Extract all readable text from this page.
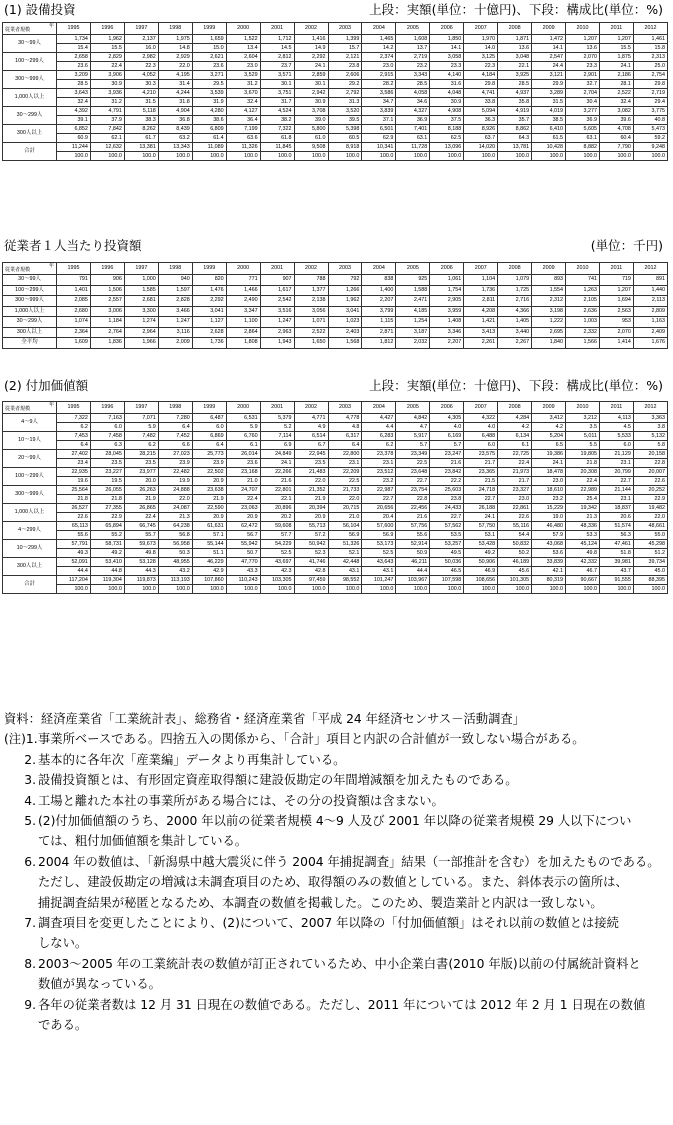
(1) 設備投資	上段：実額(単位：十億円)、下段：構成比(単位：%)
年
従業者規模	1995	1996	1997	1998	1999	2000	2001	2002	2003	2004	2005	2006	2007	2008	2009	2010	2011	2012
30～99人	1,734	1,962	2,137	1,975	1,659	1,522	1,712	1,416	1,399	1,465	1,608	1,850	1,970	1,871	1,472	1,207	1,207	1,461
	15.4	15.5	16.0	14.8	15.0	13.4	14.5	14.9	15.7	14.2	13.7	14.1	14.0	13.6	14.1	13.6	15.5	15.8
100～299人	2,658	2,829	2,982	2,929	2,621	2,604	2,812	2,292	2,121	2,374	2,719	3,058	3,125	3,048	2,547	2,070	1,875	2,313
	23.6	22.4	22.3	22.0	23.6	23.0	23.7	24.1	23.8	23.0	23.2	23.3	22.3	22.1	24.4	23.3	24.1	25.0
300～999人	3,209	3,906	4,052	4,195	3,271	3,529	3,571	2,859	2,606	2,915	3,343	4,140	4,184	3,925	3,121	2,901	2,186	2,754
	28.5	30.9	30.3	31.4	29.5	31.2	30.1	30.1	29.2	28.2	28.5	31.6	29.8	28.5	29.9	32.7	28.1	29.8
1,000人以上	3,643	3,936	4,210	4,244	3,539	3,670	3,751	2,942	2,792	3,586	4,058	4,048	4,741	4,937	3,289	2,704	2,522	2,719
	32.4	31.2	31.5	31.8	31.9	32.4	31.7	30.9	31.3	34.7	34.6	30.9	33.8	35.8	31.5	30.4	32.4	29.4
30～299人	4,392	4,791	5,118	4,904	4,280	4,127	4,524	3,708	3,520	3,839	4,327	4,908	5,094	4,919	4,019	3,277	3,082	3,775
	39.1	37.9	38.3	36.8	38.6	36.4	38.2	39.0	39.5	37.1	36.9	37.5	36.3	35.7	38.5	36.9	39.6	40.8
300人以上	6,852	7,842	8,262	8,439	6,809	7,199	7,322	5,800	5,398	6,501	7,401	8,188	8,926	8,862	6,410	5,605	4,708	5,473
	60.9	62.1	61.7	63.2	61.4	63.6	61.8	61.0	60.5	62.9	63.1	62.5	63.7	64.3	61.5	63.1	60.4	59.2
合計	11,244	12,632	13,381	13,343	11,089	11,326	11,845	9,508	8,918	10,341	11,728	13,096	14,020	13,781	10,428	8,882	7,790	9,248
	100.0	100.0	100.0	100.0	100.0	100.0	100.0	100.0	100.0	100.0	100.0	100.0	100.0	100.0	100.0	100.0	100.0	100.0
従業者１人当たり投資額	(単位：千円)
年
従業者規模	1995	1996	1997	1998	1999	2000	2001	2002	2003	2004	2005	2006	2007	2008	2009	2010	2011	2012
30～99人	791	906	1,000	940	820	771	907	788	792	838	925	1,061	1,104	1,079	893	741	719	891
100～299人	1,401	1,506	1,585	1,597	1,476	1,466	1,617	1,377	1,266	1,400	1,588	1,754	1,736	1,725	1,554	1,263	1,207	1,440
300～999人	2,085	2,557	2,681	2,828	2,292	2,490	2,542	2,138	1,962	2,207	2,471	2,905	2,811	2,716	2,312	2,105	1,694	2,113
1,000人以上	2,680	3,006	3,300	3,466	3,041	3,347	3,516	3,056	3,041	3,799	4,185	3,959	4,208	4,366	3,198	2,636	2,563	2,809
30～299人	1,074	1,184	1,274	1,247	1,127	1,100	1,247	1,071	1,023	1,115	1,254	1,408	1,421	1,405	1,222	1,003	953	1,163
300人以上	2,364	2,764	2,964	3,116	2,628	2,864	2,963	2,522	2,403	2,871	3,187	3,346	3,413	3,440	2,695	2,332	2,070	2,409
全平均	1,609	1,836	1,966	2,009	1,736	1,808	1,943	1,650	1,568	1,812	2,032	2,207	2,261	2,267	1,840	1,566	1,414	1,676
(2) 付加価値額	上段：実額(単位：十億円)、下段：構成比(単位：%)
年
従業者規模	1995	1996	1997	1998	1999	2000	2001	2002	2003	2004	2005	2006	2007	2008	2009	2010	2011	2012
4～9人	7,322	7,163	7,071	7,280	6,487	6,531	5,379	4,771	4,778	4,427	4,842	4,305	4,322	4,284	3,412	3,212	4,113	3,363
	6.2	6.0	5.9	6.4	6.0	5.9	5.2	4.9	4.8	4.4	4.7	4.0	4.0	4.2	4.2	3.5	4.5	3.8
10～19人	7,453	7,458	7,482	7,452	6,869	6,760	7,114	6,514	6,317	6,283	5,917	6,169	6,488	6,134	5,204	5,011	5,533	5,132
	6.4	6.3	6.2	6.6	6.4	6.1	6.9	6.7	6.4	6.2	5.7	5.7	6.0	6.1	6.5	5.5	6.0	5.8
20～99人	27,402	28,045	28,215	27,023	25,773	26,014	24,849	22,945	22,800	23,378	23,349	23,247	23,575	22,725	19,386	19,805	21,129	20,158
	23.4	23.5	23.5	23.9	23.9	23.6	24.1	23.5	23.1	23.1	22.5	21.6	21.7	22.4	24.1	21.8	23.1	22.8
100～299人	22,935	23,227	23,977	22,482	22,502	23,168	22,266	21,483	22,209	23,512	23,648	23,842	23,365	21,973	18,478	20,308	20,799	20,007
	19.6	19.5	20.0	19.9	20.9	21.0	21.6	22.0	22.5	23.2	22.7	22.2	21.5	21.7	23.0	22.4	22.7	22.6
300～999人	25,564	26,055	26,263	24,888	23,638	24,707	22,801	21,352	21,733	22,987	23,754	25,603	24,718	23,327	18,610	22,989	21,144	20,252
	21.8	21.8	21.9	22.0	21.9	22.4	22.1	21.9	22.0	22.7	22.8	23.8	22.7	23.0	23.2	25.4	23.1	22.9
1,000人以上	26,527	27,355	26,865	24,087	22,590	23,063	20,896	20,394	20,715	20,656	22,456	24,433	26,188	22,861	15,229	19,342	18,837	19,482
	22.6	22.9	22.4	21.3	20.9	20.9	20.2	20.9	21.0	20.4	21.6	22.7	24.1	22.6	19.0	21.3	20.6	22.0
4～299人	65,113	65,894	66,745	64,238	61,631	62,472	59,608	55,713	56,104	57,600	57,756	57,562	57,750	55,116	46,480	48,336	51,574	48,661
	55.6	55.2	55.7	56.8	57.1	56.7	57.7	57.2	56.9	56.9	55.6	53.5	53.1	54.4	57.9	53.3	56.3	55.0
10～299人	57,791	58,731	59,673	56,958	55,144	55,942	54,229	50,942	51,326	53,173	52,914	53,257	53,428	50,832	43,068	45,124	47,461	45,298
	49.3	49.2	49.8	50.3	51.1	50.7	52.5	52.3	52.1	52.5	50.9	49.5	49.2	50.2	53.6	49.8	51.8	51.2
300人以上	52,091	53,410	53,128	48,955	46,229	47,770	43,697	41,746	42,448	43,643	46,211	50,036	50,906	46,189	33,839	42,332	39,981	39,734
	44.4	44.8	44.3	43.2	42.9	43.3	42.3	42.8	43.1	43.1	44.4	46.5	46.9	45.6	42.1	46.7	43.7	45.0
合計	117,204	119,304	119,873	113,193	107,860	110,243	103,305	97,459	98,552	101,247	103,967	107,598	108,656	101,305	80,319	90,667	91,555	88,395
	100.0	100.0	100.0	100.0	100.0	100.0	100.0	100.0	100.0	100.0	100.0	100.0	100.0	100.0	100.0	100.0	100.0	100.0
資料：経済産業省「工業統計表」、総務省・経済産業省「平成 24 年経済センサス－活動調査」
(注)1. 事業所ベースである。四捨五入の関係から、「合計」項目と内訳の合計値が一致しない場合がある。
2. 基本的に各年次「産業編」データより再集計している。
3. 設備投資額とは、有形固定資産取得額に建設仮勘定の年間増減額を加えたものである。
4. 工場と離れた本社の事業所がある場合には、その分の投資額は含まない。
5. (2)付加価値額のうち、2000 年以前の従業者規模 4～9 人及び 2001 年以降の従業者規模 29 人以下につい
ては、粗付加価値額を集計している。
6. 2004 年の数値は、「新潟県中越大震災に伴う 2004 年捕捉調査」結果（一部推計を含む）を加えたものである。
ただし、建設仮勘定の増減は未調査項目のため、取得額のみの数値としている。また、斜体表示の箇所は、
捕捉調査結果が秘匿となるため、本調査の数値を掲載した。このため、製造業計と内訳は一致しない。
7. 調査項目を変更したことにより、(2)について、2007 年以降の「付加価値額」はそれ以前の数値とは接続
しない。
8. 2003～2005 年の工業統計表の数値が訂正されているため、中小企業白書(2010 年版)以前の付属統計資料と
数値が異なっている。
9. 各年の従業者数は 12 月 31 日現在の数値である。ただし、2011 年については 2012 年 2 月 1 日現在の数値
である。
